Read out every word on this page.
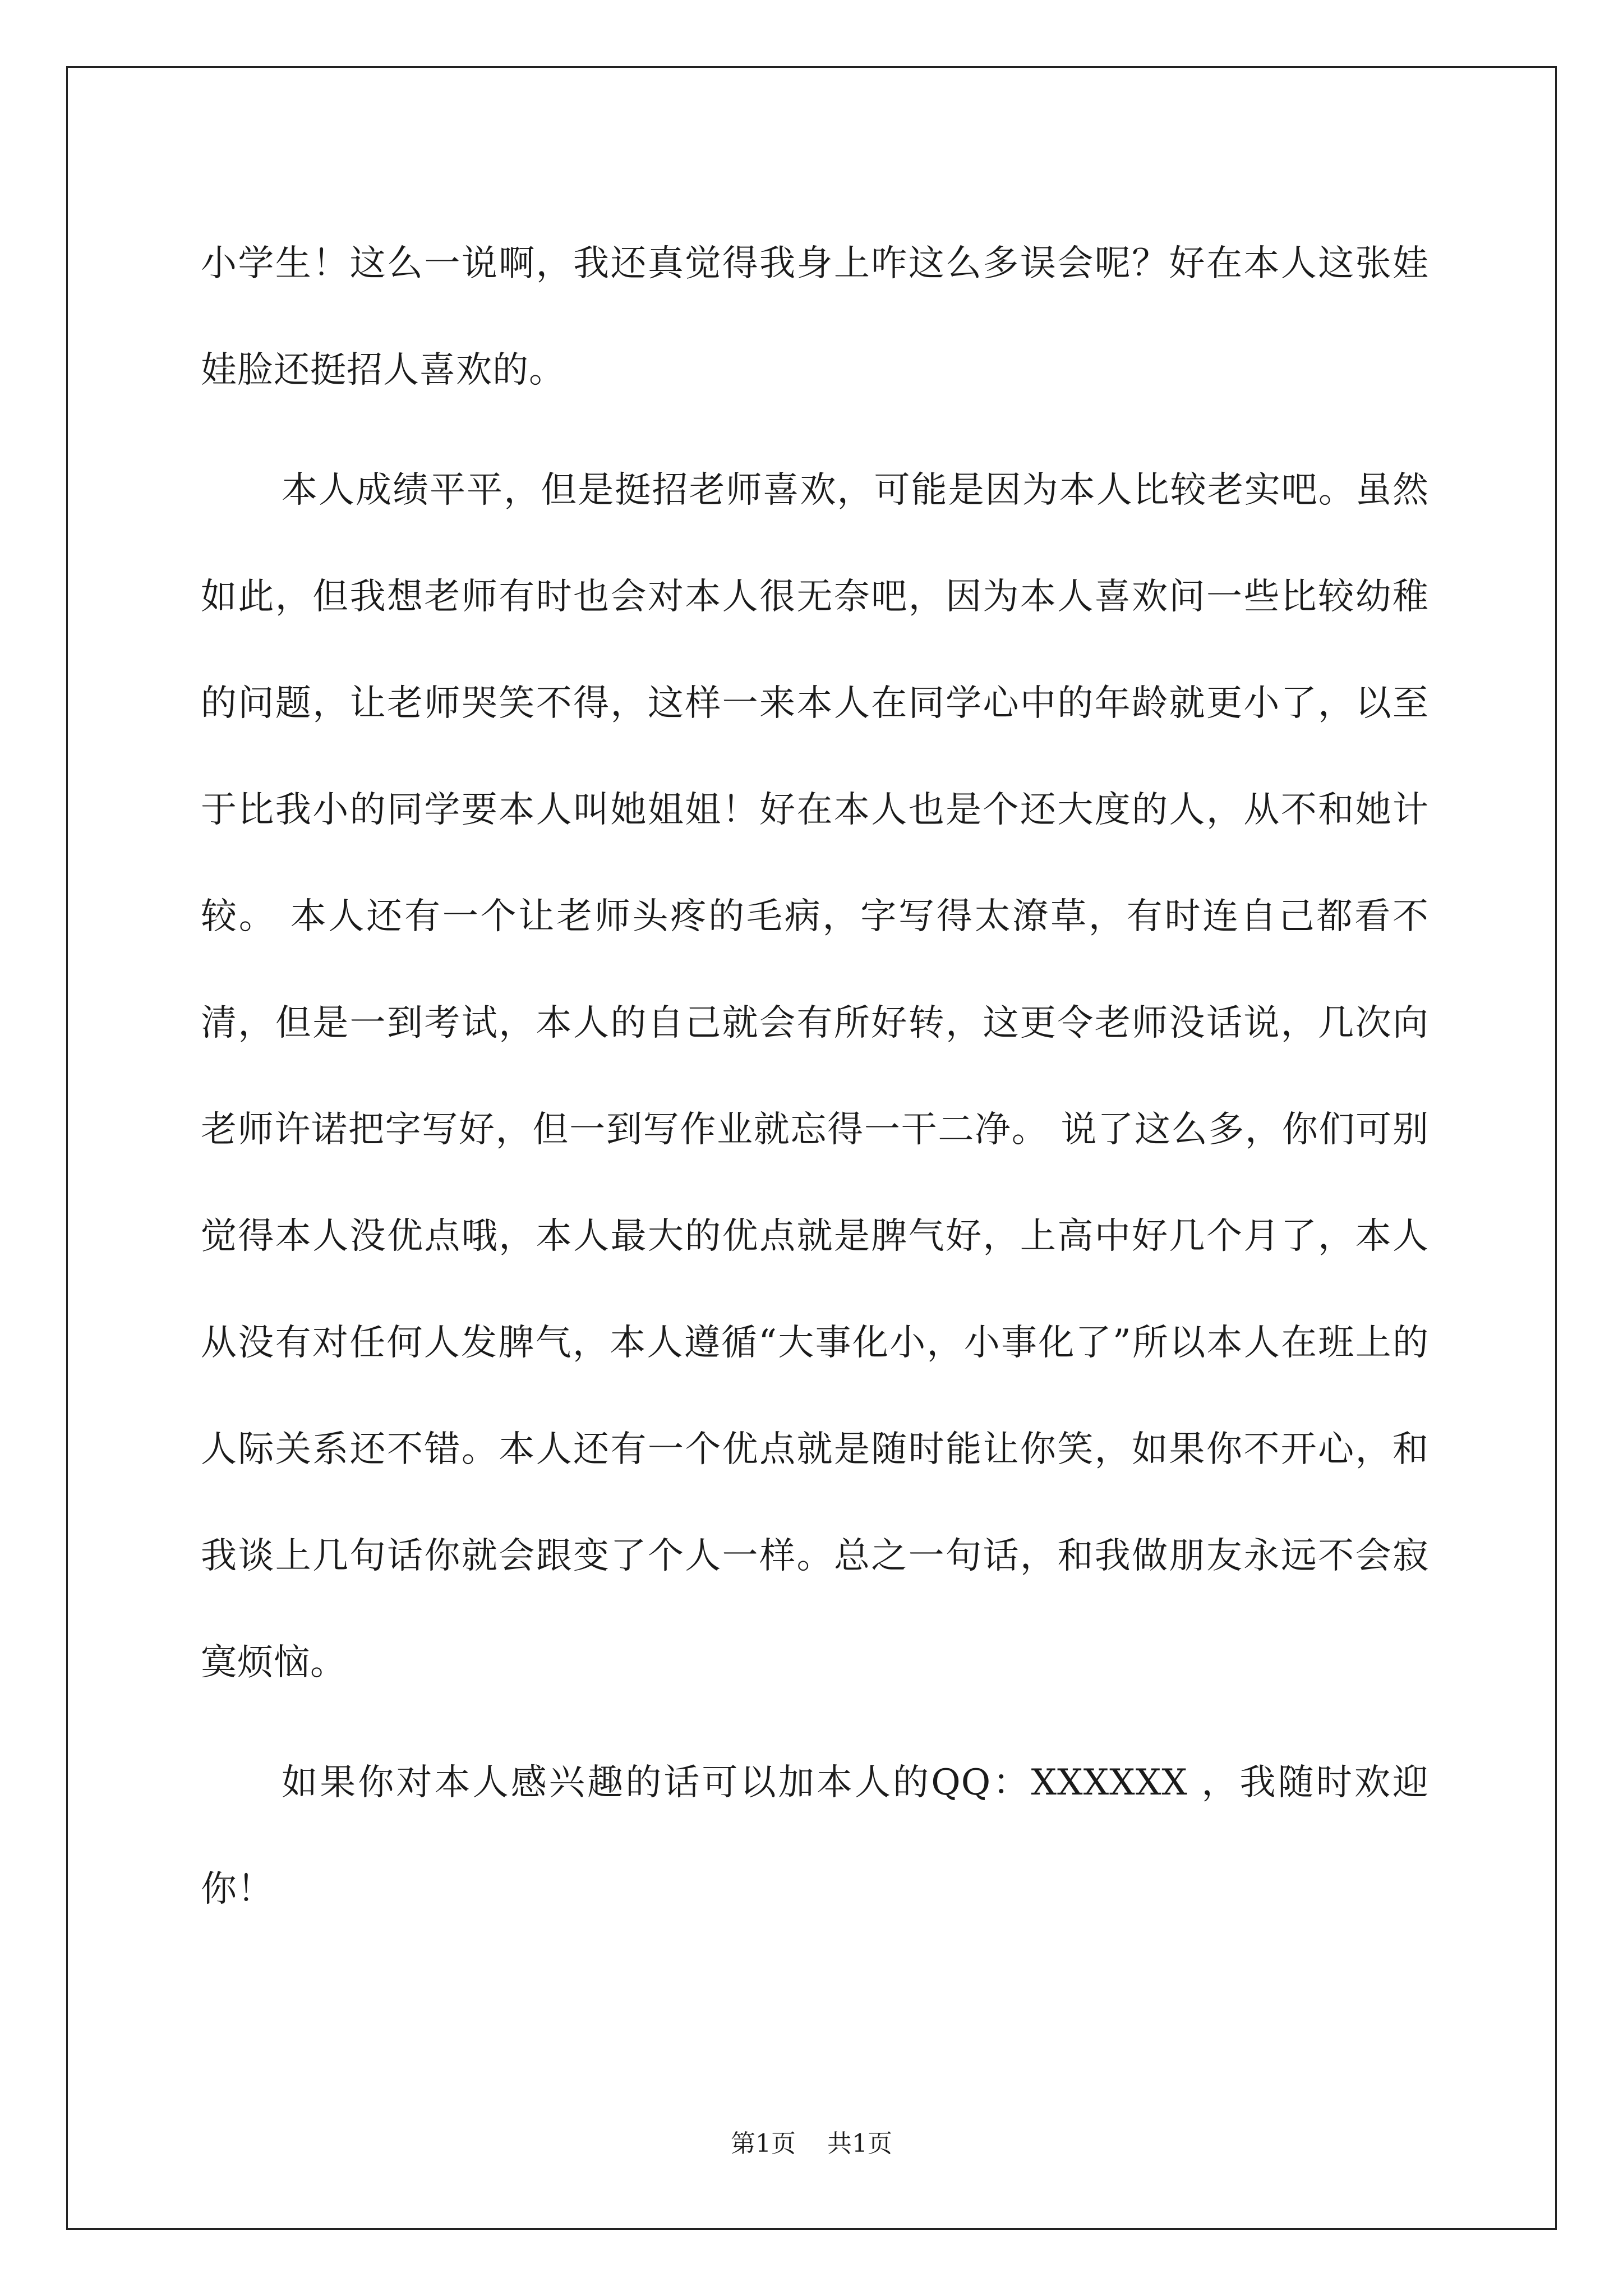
小学生！这么一说啊，我还真觉得我身上咋这么多误会呢？好在本人这张娃娃脸还挺招人喜欢的。

本人成绩平平，但是挺招老师喜欢，可能是因为本人比较老实吧。虽然如此，但我想老师有时也会对本人很无奈吧，因为本人喜欢问一些比较幼稚的问题，让老师哭笑不得，这样一来本人在同学心中的年龄就更小了，以至于比我小的同学要本人叫她姐姐！好在本人也是个还大度的人，从不和她计较。 本人还有一个让老师头疼的毛病，字写得太潦草，有时连自己都看不清，但是一到考试，本人的自己就会有所好转，这更令老师没话说，几次向老师许诺把字写好，但一到写作业就忘得一干二净。 说了这么多，你们可别觉得本人没优点哦，本人最大的优点就是脾气好，上高中好几个月了，本人从没有对任何人发脾气，本人遵循“大事化小，小事化了”所以本人在班上的人际关系还不错。本人还有一个优点就是随时能让你笑，如果你不开心，和我谈上几句话你就会跟变了个人一样。总之一句话，和我做朋友永远不会寂寞烦恼。

如果你对本人感兴趣的话可以加本人的QQ：XXXXXX ，我随时欢迎你！

第1页 共1页
